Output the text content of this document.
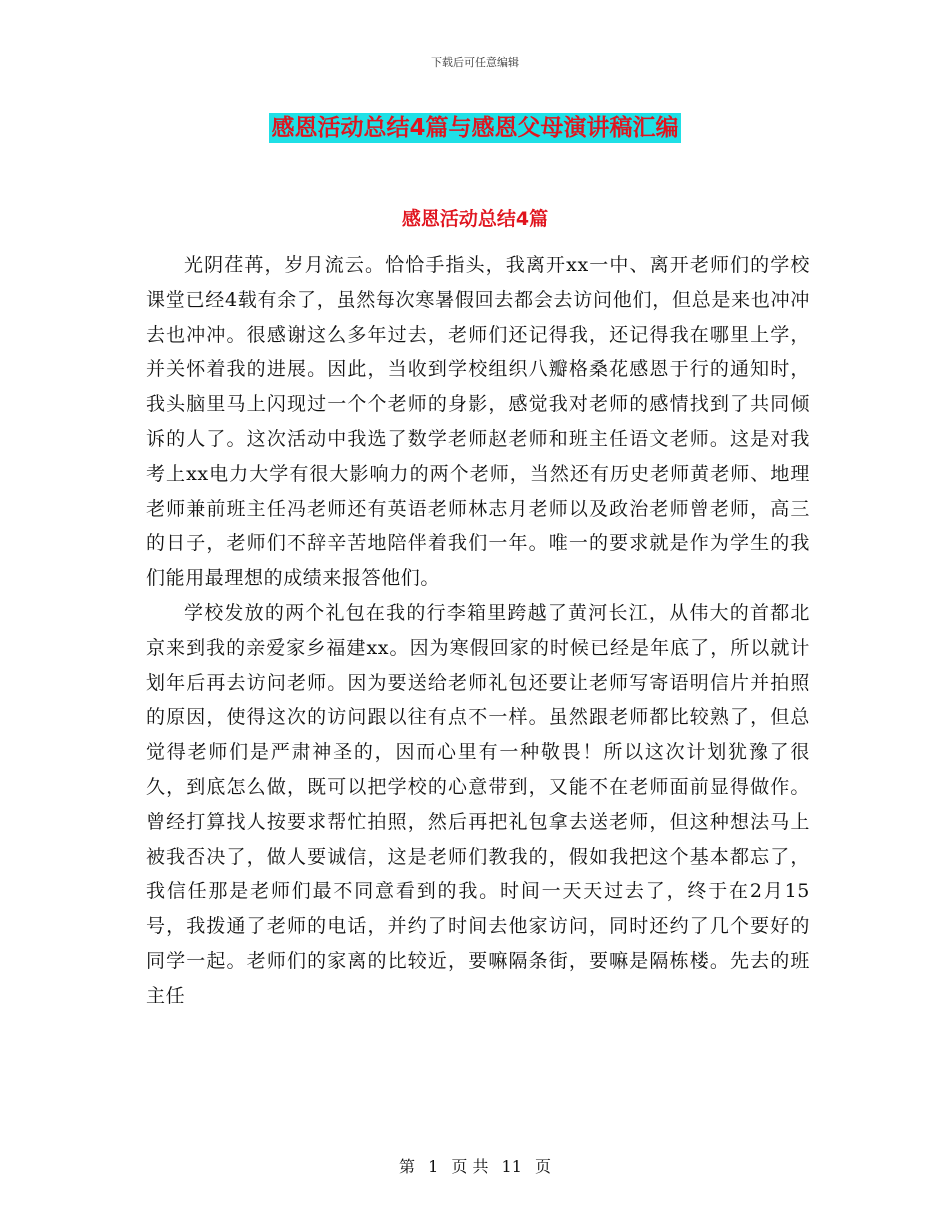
下载后可任意编辑
感恩活动总结4篇与感恩父母演讲稿汇编
感恩活动总结4篇

光阴荏苒，岁月流云。恰恰手指头，我离开xx一中、离开老师们的学校课堂已经4载有余了，虽然每次寒暑假回去都会去访问他们，但总是来也冲冲去也冲冲。很感谢这么多年过去，老师们还记得我，还记得我在哪里上学，并关怀着我的进展。因此，当收到学校组织八瓣格桑花感恩于行的通知时，我头脑里马上闪现过一个个老师的身影，感觉我对老师的感情找到了共同倾诉的人了。这次活动中我选了数学老师赵老师和班主任语文老师。这是对我考上xx电力大学有很大影响力的两个老师，当然还有历史老师黄老师、地理老师兼前班主任冯老师还有英语老师林志月老师以及政治老师曾老师，高三的日子，老师们不辞辛苦地陪伴着我们一年。唯一的要求就是作为学生的我们能用最理想的成绩来报答他们。

学校发放的两个礼包在我的行李箱里跨越了黄河长江，从伟大的首都北京来到我的亲爱家乡福建xx。因为寒假回家的时候已经是年底了，所以就计划年后再去访问老师。因为要送给老师礼包还要让老师写寄语明信片并拍照的原因，使得这次的访问跟以往有点不一样。虽然跟老师都比较熟了，但总觉得老师们是严肃神圣的，因而心里有一种敬畏！所以这次计划犹豫了很久，到底怎么做，既可以把学校的心意带到，又能不在老师面前显得做作。曾经打算找人按要求帮忙拍照，然后再把礼包拿去送老师，但这种想法马上被我否决了，做人要诚信，这是老师们教我的，假如我把这个基本都忘了，我信任那是老师们最不同意看到的我。时间一天天过去了，终于在2月15号，我拨通了老师的电话，并约了时间去他家访问，同时还约了几个要好的同学一起。老师们的家离的比较近，要嘛隔条街，要嘛是隔栋楼。先去的班主任

第 1 页 共 11 页
